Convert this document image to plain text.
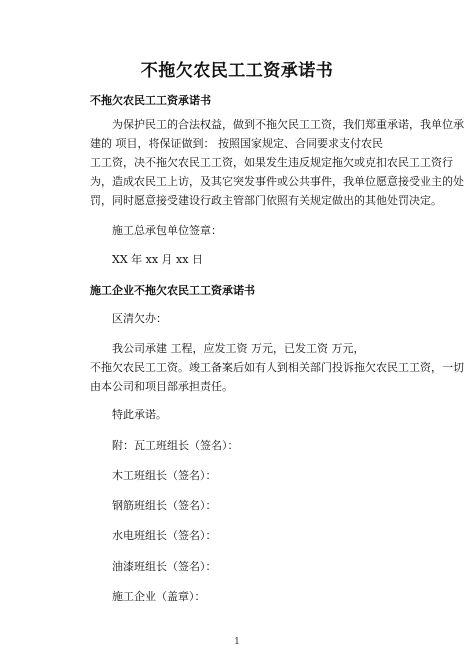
不拖欠农民工工资承诺书
不拖欠农民工工资承诺书
为保护民工的合法权益，做到不拖欠民工工资，我们郑重承诺，我单位承
建的 项目，将保证做到： 按照国家规定、合同要求支付农民
工工资，决不拖欠农民工工资，如果发生违反规定拖欠或克扣农民工工资行
为，造成农民工上访，及其它突发事件或公共事件，我单位愿意接受业主的处
罚，同时愿意接受建设行政主管部门依照有关规定做出的其他处罚决定。
施工总承包单位签章：
XX 年 xx 月 xx 日
施工企业不拖欠农民工工资承诺书
区清欠办：
我公司承建 工程，应发工资 万元，已发工资 万元，
不拖欠农民工工资。竣工备案后如有人到相关部门投诉拖欠农民工工资，一切
由本公司和项目部承担责任。
特此承诺。
附：瓦工班组长（签名）：
木工班组长（签名）：
钢筋班组长（签名）：
水电班组长（签名）：
油漆班组长（签名）：
施工企业（盖章）：
1
